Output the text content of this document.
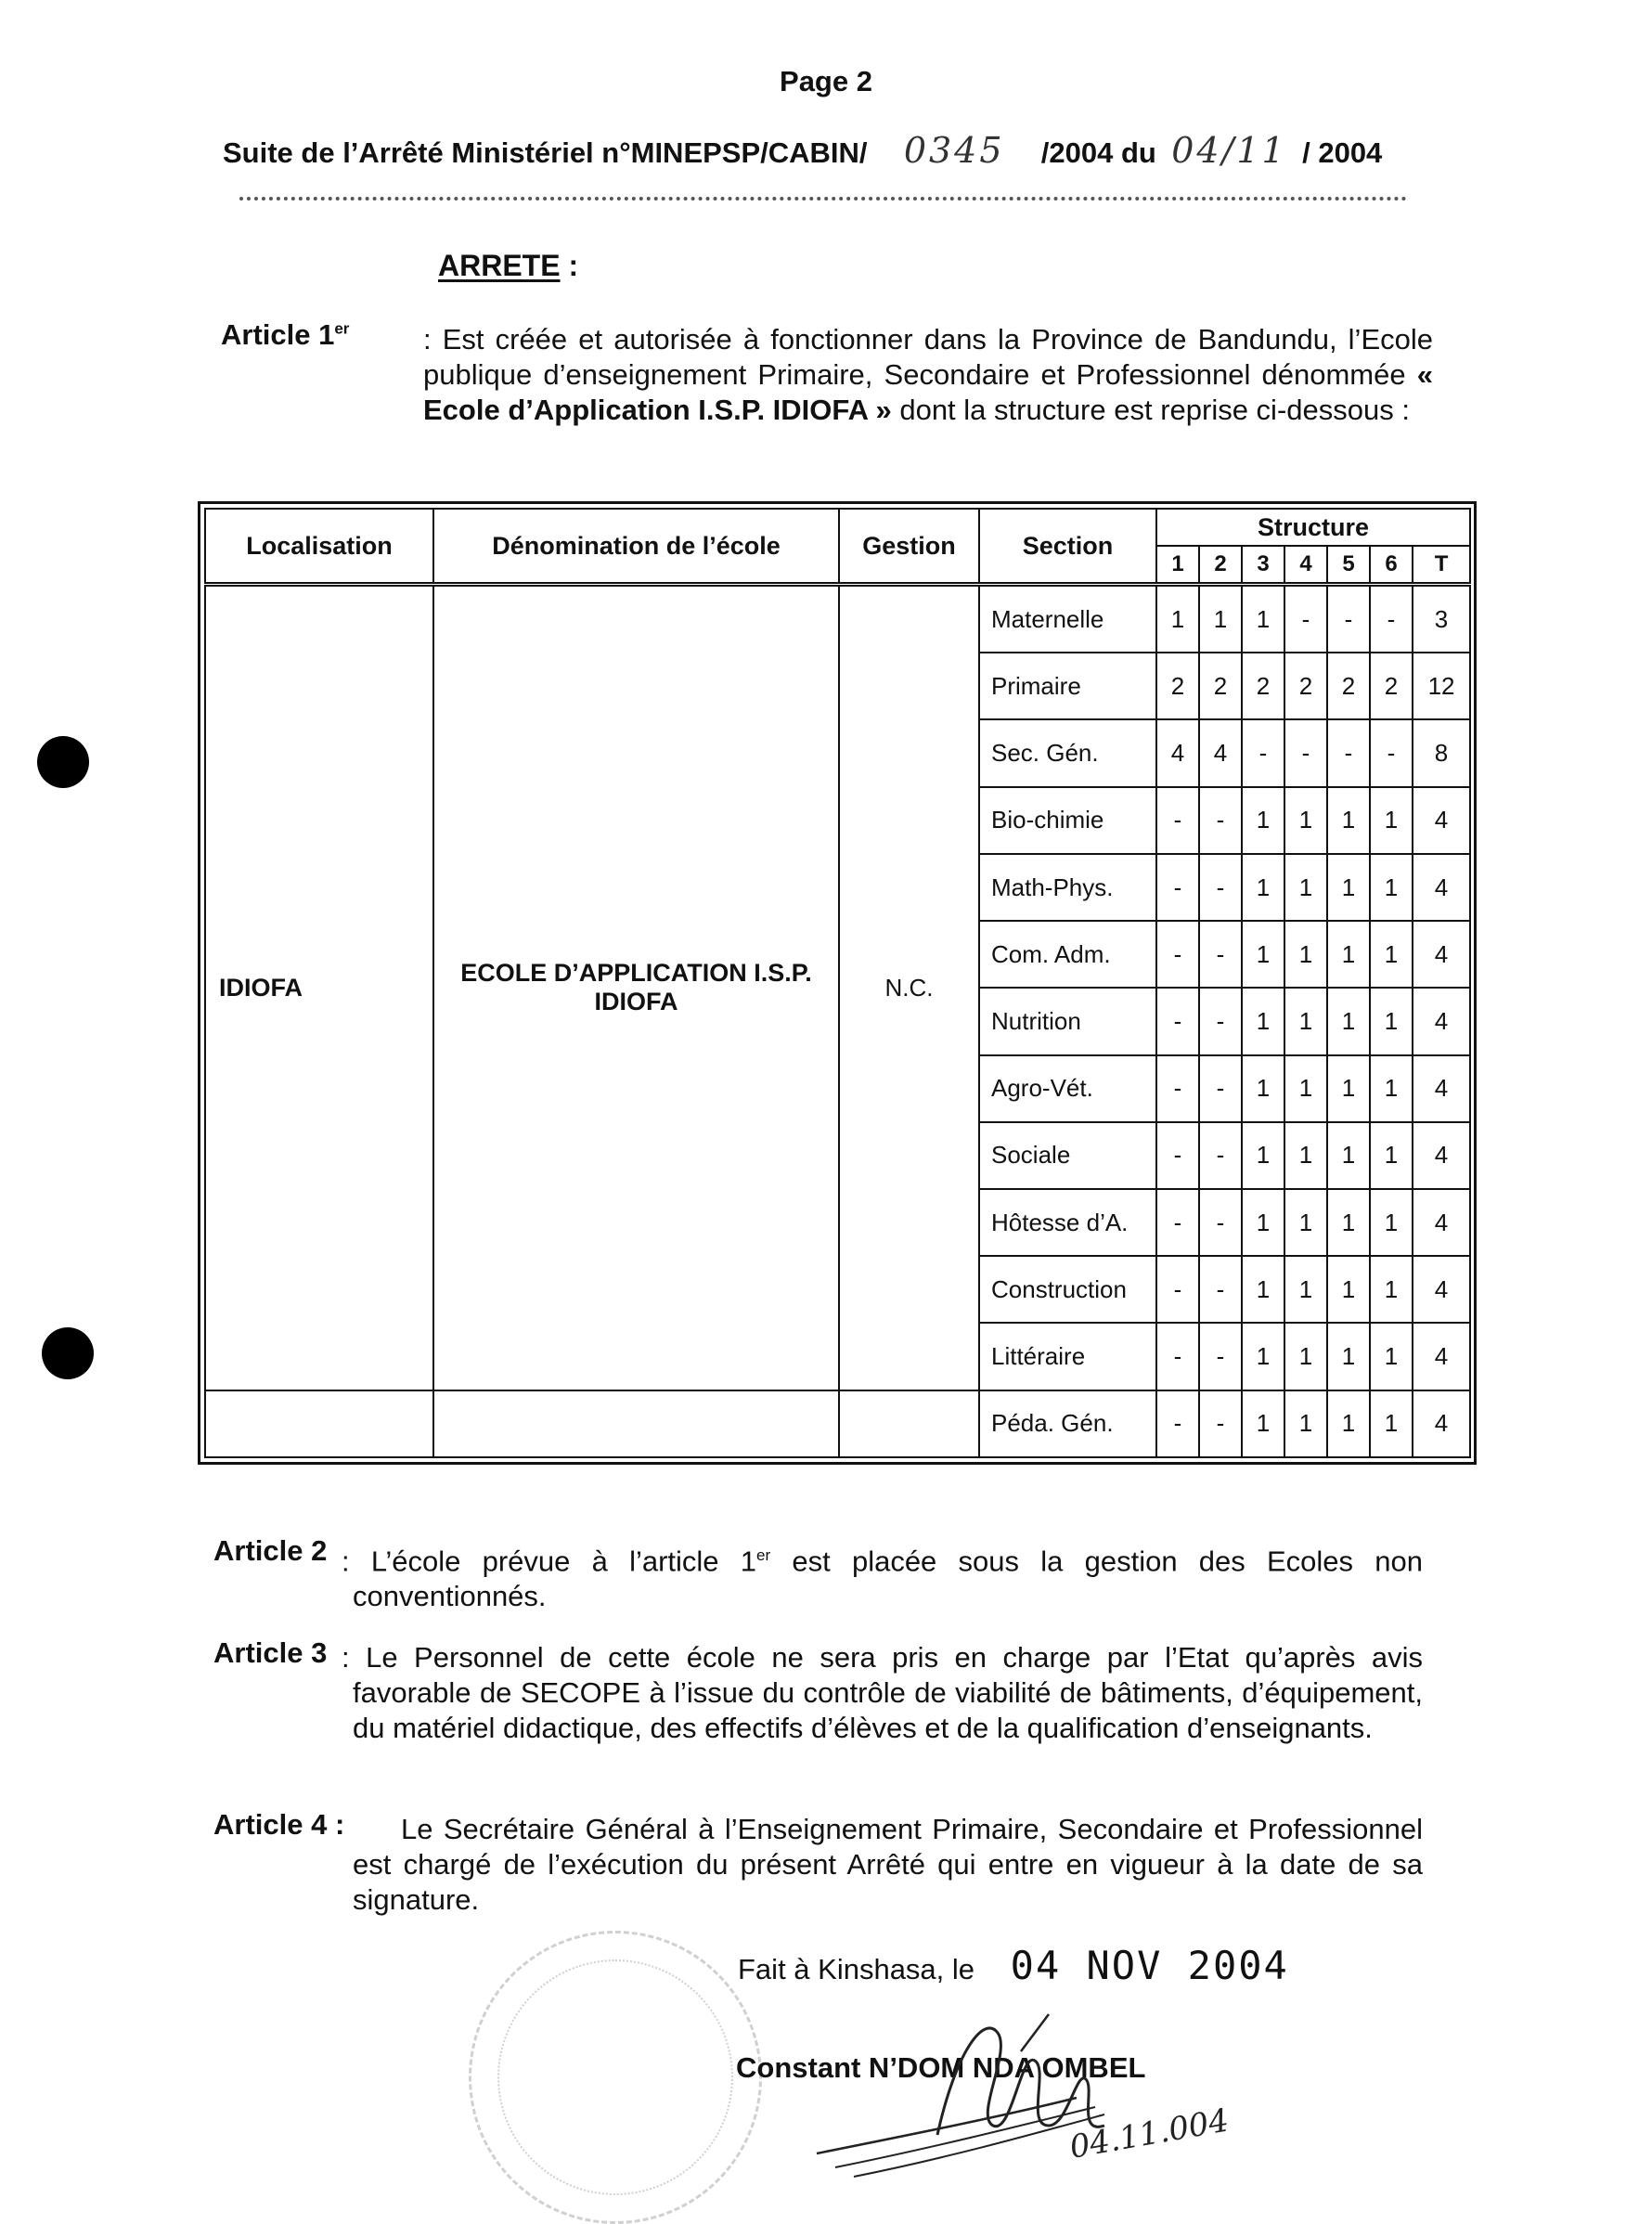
Page 2
Suite de l’Arrêté Ministériel n°MINEPSP/CABIN/ 0345 /2004 du 04/11 / 2004
ARRETE :
Article 1er	: Est créée et autorisée à fonctionner dans la Province de Bandundu, l’Ecole publique d’enseignement Primaire, Secondaire et Professionnel dénommée « Ecole d’Application I.S.P. IDIOFA » dont la structure est reprise ci-dessous :
Localisation	Dénomination de l’école	Gestion	Section	Structure						
				1	2	3	4	5	6	T
IDIOFA	ECOLE D’APPLICATION I.S.P. IDIOFA	N.C.	Maternelle	1	1	1	-	-	-	3
			Primaire	2	2	2	2	2	2	12
			Sec. Gén.	4	4	-	-	-	-	8
			Bio-chimie	-	-	1	1	1	1	4
			Math-Phys.	-	-	1	1	1	1	4
			Com. Adm.	-	-	1	1	1	1	4
			Nutrition	-	-	1	1	1	1	4
			Agro-Vét.	-	-	1	1	1	1	4
			Sociale	-	-	1	1	1	1	4
			Hôtesse d’A.	-	-	1	1	1	1	4
			Construction	-	-	1	1	1	1	4
			Littéraire	-	-	1	1	1	1	4
			Péda. Gén.	-	-	1	1	1	1	4
Article 2 : L’école prévue à l’article 1er est placée sous la gestion des Ecoles non conventionnés.
Article 3 : Le Personnel de cette école ne sera pris en charge par l’Etat qu’après avis favorable de SECOPE à l’issue du contrôle de viabilité de bâtiments, d’équipement, du matériel didactique, des effectifs d’élèves et de la qualification d’enseignants.
Article 4 :	Le Secrétaire Général à l’Enseignement Primaire, Secondaire et Professionnel est chargé de l’exécution du présent Arrêté qui entre en vigueur à la date de sa signature.
Fait à Kinshasa, le 04 NOV 2004
Constant N’DOM NDA OMBEL
04.11.004
